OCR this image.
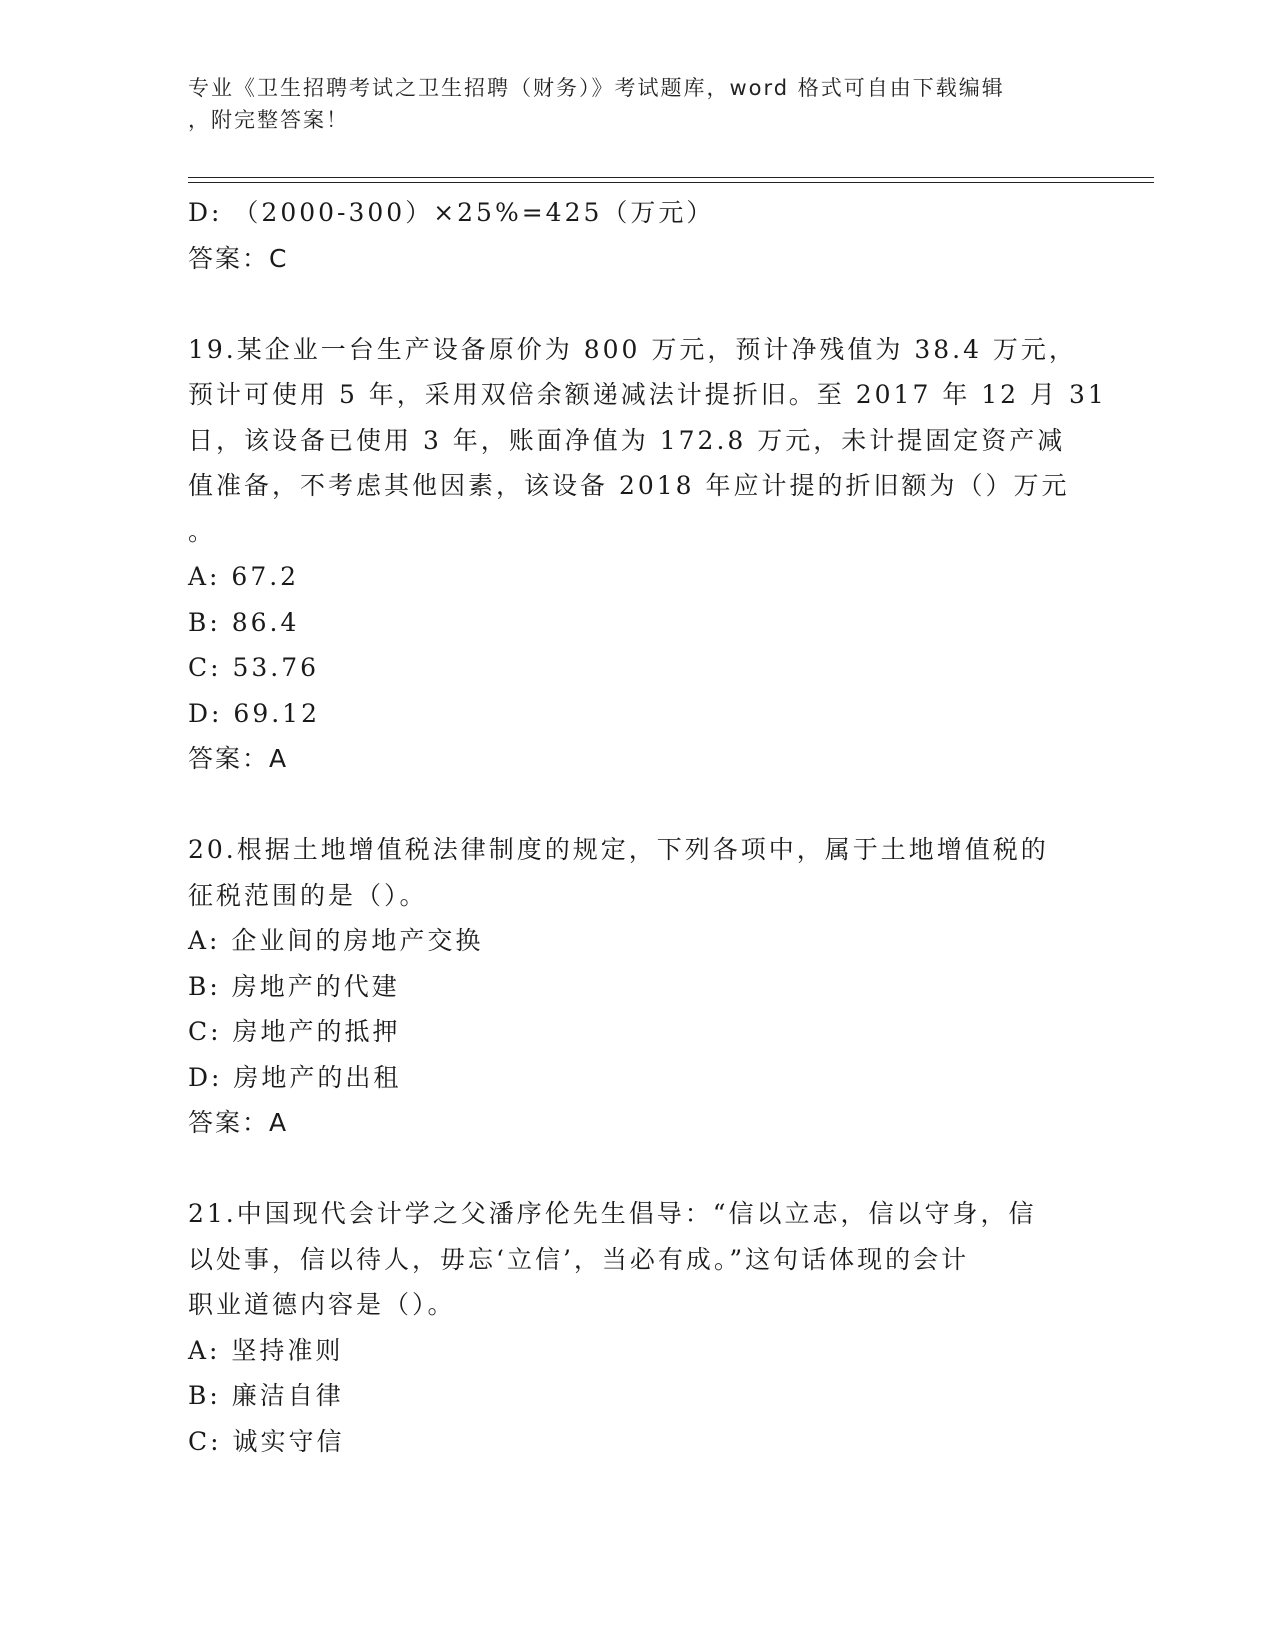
专业《卫生招聘考试之卫生招聘（财务）》考试题库，word 格式可自由下载编辑
，附完整答案！
D: （2000-300）×25%=425（万元）
答案：C
19.某企业一台生产设备原价为 800 万元，预计净残值为 38.4 万元，
预计可使用 5 年，采用双倍余额递减法计提折旧。至 2017 年 12 月 31
日，该设备已使用 3 年，账面净值为 172.8 万元，未计提固定资产减
值准备，不考虑其他因素，该设备 2018 年应计提的折旧额为（）万元
。
A: 67.2
B: 86.4
C: 53.76
D: 69.12
答案：A
20.根据土地增值税法律制度的规定，下列各项中，属于土地增值税的
征税范围的是（）。
A: 企业间的房地产交换
B: 房地产的代建
C: 房地产的抵押
D: 房地产的出租
答案：A
21.中国现代会计学之父潘序伦先生倡导：“信以立志，信以守身，信
以处事，信以待人，毋忘‘立信’，当必有成。”这句话体现的会计
职业道德内容是（）。
A: 坚持准则
B: 廉洁自律
C: 诚实守信
